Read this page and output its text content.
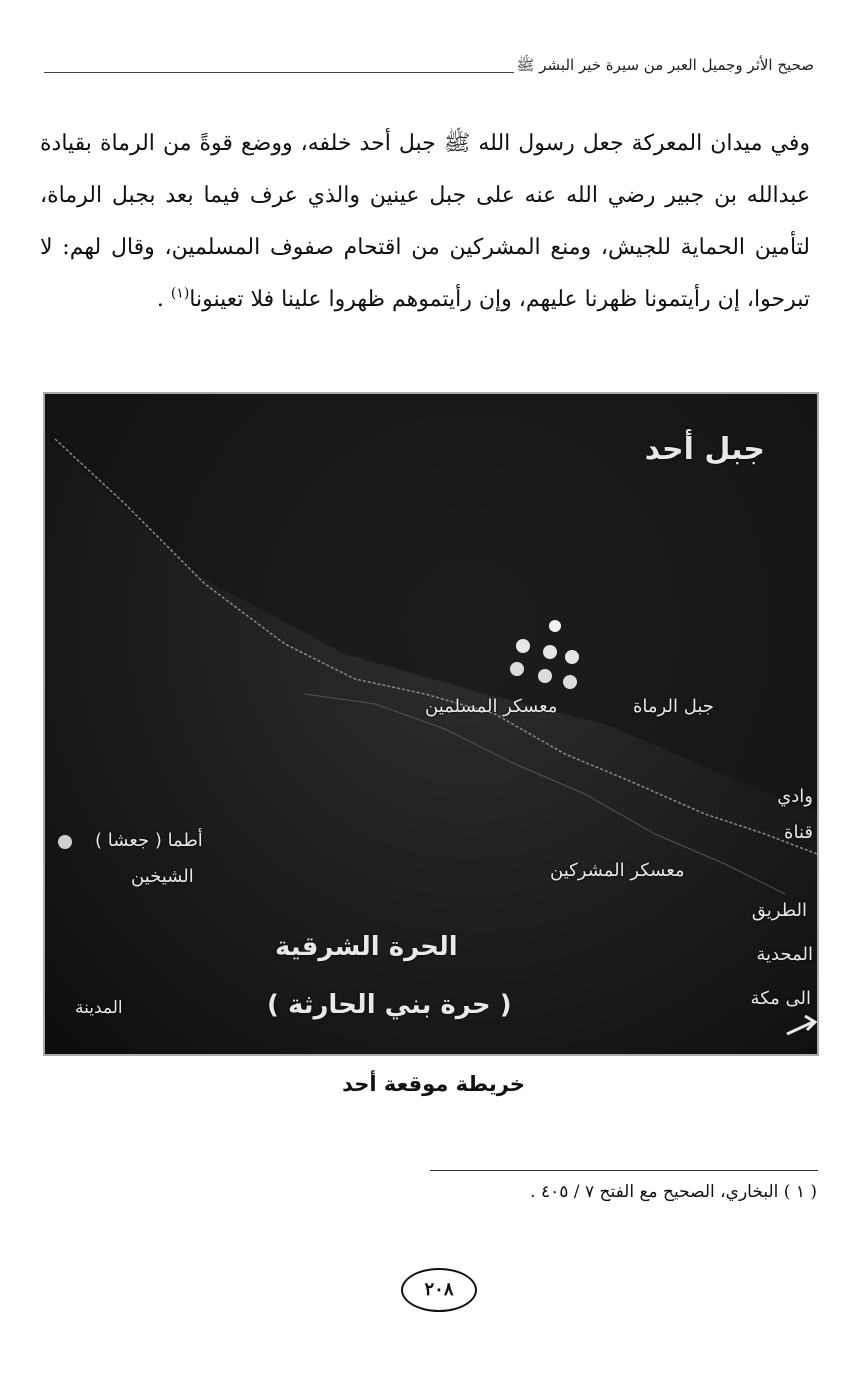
صحيح الأثر وجميل العبر من سيرة خير البشر ﷺ

وفي ميدان المعركة جعل رسول الله ﷺ جبل أحد خلفه، ووضع قوةً من الرماة بقيادة عبدالله بن جبير رضي الله عنه على جبل عينين والذي عرف فيما بعد بجبل الرماة، لتأمين الحماية للجيش، ومنع المشركين من اقتحام صفوف المسلمين، وقال لهم: لا تبرحوا، إن رأيتمونا ظهرنا عليهم، وإن رأيتموهم ظهروا علينا فلا تعينونا$^{(١)}$ .

جبل أحد
معسكر المسلمين	جبل الرماة
وادي
قناة
أطما ( جعشا )
الشيخين	معسكر المشركين
الطريق
المحدية
الى مكة
الحرة الشرقية
( حرة بني الحارثة )
المدينة
خريطة موقعة أحد
( ١ ) البخاري، الصحيح مع الفتح ٧ / ٤٠٥ .
٢٠٨
